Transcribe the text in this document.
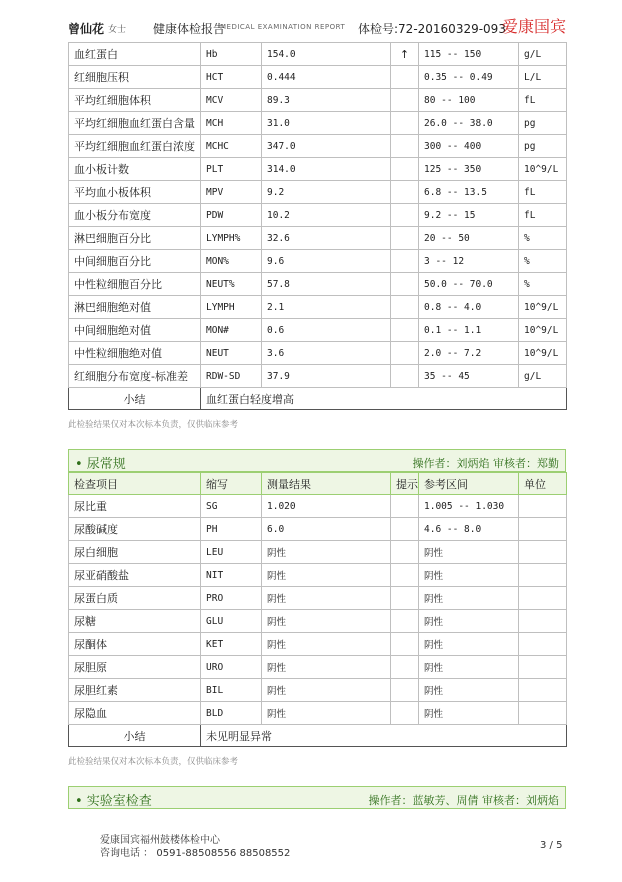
曾仙花 女士 健康体检报告
MEDICAL EXAMINATION REPORT 体检号:72-20160329-093
爱康国宾
血红蛋白	Hb	154.0	↑	115 -- 150	g/L
红细胞压积	HCT	0.444		0.35 -- 0.49	L/L
平均红细胞体积	MCV	89.3		80 -- 100	fL
平均红细胞血红蛋白含量	MCH	31.0		26.0 -- 38.0	pg
平均红细胞血红蛋白浓度	MCHC	347.0		300 -- 400	pg
血小板计数	PLT	314.0		125 -- 350	10^9/L
平均血小板体积	MPV	9.2		6.8 -- 13.5	fL
血小板分布宽度	PDW	10.2		9.2 -- 15	fL
淋巴细胞百分比	LYMPH%	32.6		20 -- 50	%
中间细胞百分比	MON%	9.6		3 -- 12	%
中性粒细胞百分比	NEUT%	57.8		50.0 -- 70.0	%
淋巴细胞绝对值	LYMPH	2.1		0.8 -- 4.0	10^9/L
中间细胞绝对值	MON#	0.6		0.1 -- 1.1	10^9/L
中性粒细胞绝对值	NEUT	3.6		2.0 -- 7.2	10^9/L
红细胞分布宽度-标准差	RDW-SD	37.9		35 -- 45	g/L
小结	血红蛋白轻度增高				
此检验结果仅对本次标本负责，仅供临床参考
• 尿常规	操作者：刘炳焰 审核者：郑勤
检查项目	缩写	测量结果	提示	参考区间	单位
尿比重	SG	1.020		1.005 -- 1.030	
尿酸碱度	PH	6.0		4.6 -- 8.0	
尿白细胞	LEU	阴性		阴性	
尿亚硝酸盐	NIT	阴性		阴性	
尿蛋白质	PRO	阴性		阴性	
尿糖	GLU	阴性		阴性	
尿酮体	KET	阴性		阴性	
尿胆原	URO	阴性		阴性	
尿胆红素	BIL	阴性		阴性	
尿隐血	BLD	阴性		阴性	
小结	未见明显异常				
此检验结果仅对本次标本负责，仅供临床参考
• 实验室检查	操作者：蓝敏芳、周倩 审核者：刘炳焰
爱康国宾福州鼓楼体检中心
咨询电话 ： 0591-88508556 88508552
3 / 5
